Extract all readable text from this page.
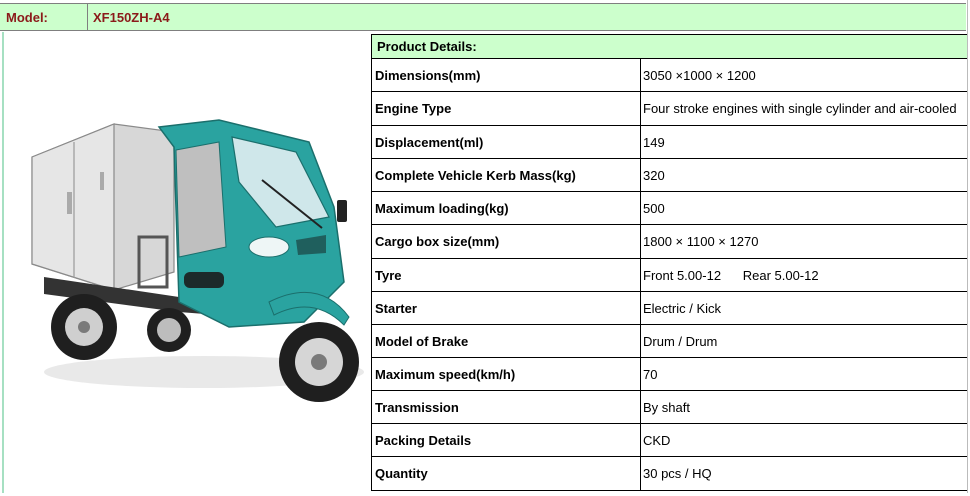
Model:	XF150ZH-A4
Product Details:
Dimensions(mm)	3050 ×1000 × 1200
Engine Type	Four stroke engines with single cylinder and air-cooled
Displacement(ml)	149
Complete Vehicle Kerb Mass(kg)	320
Maximum loading(kg)	500
Cargo box size(mm)	1800 × 1100 × 1270
Tyre	Front 5.00-12      Rear 5.00-12
Starter	Electric / Kick
Model of Brake	Drum / Drum
Maximum speed(km/h)	70
Transmission	By shaft
Packing Details	CKD
Quantity	30 pcs / HQ
